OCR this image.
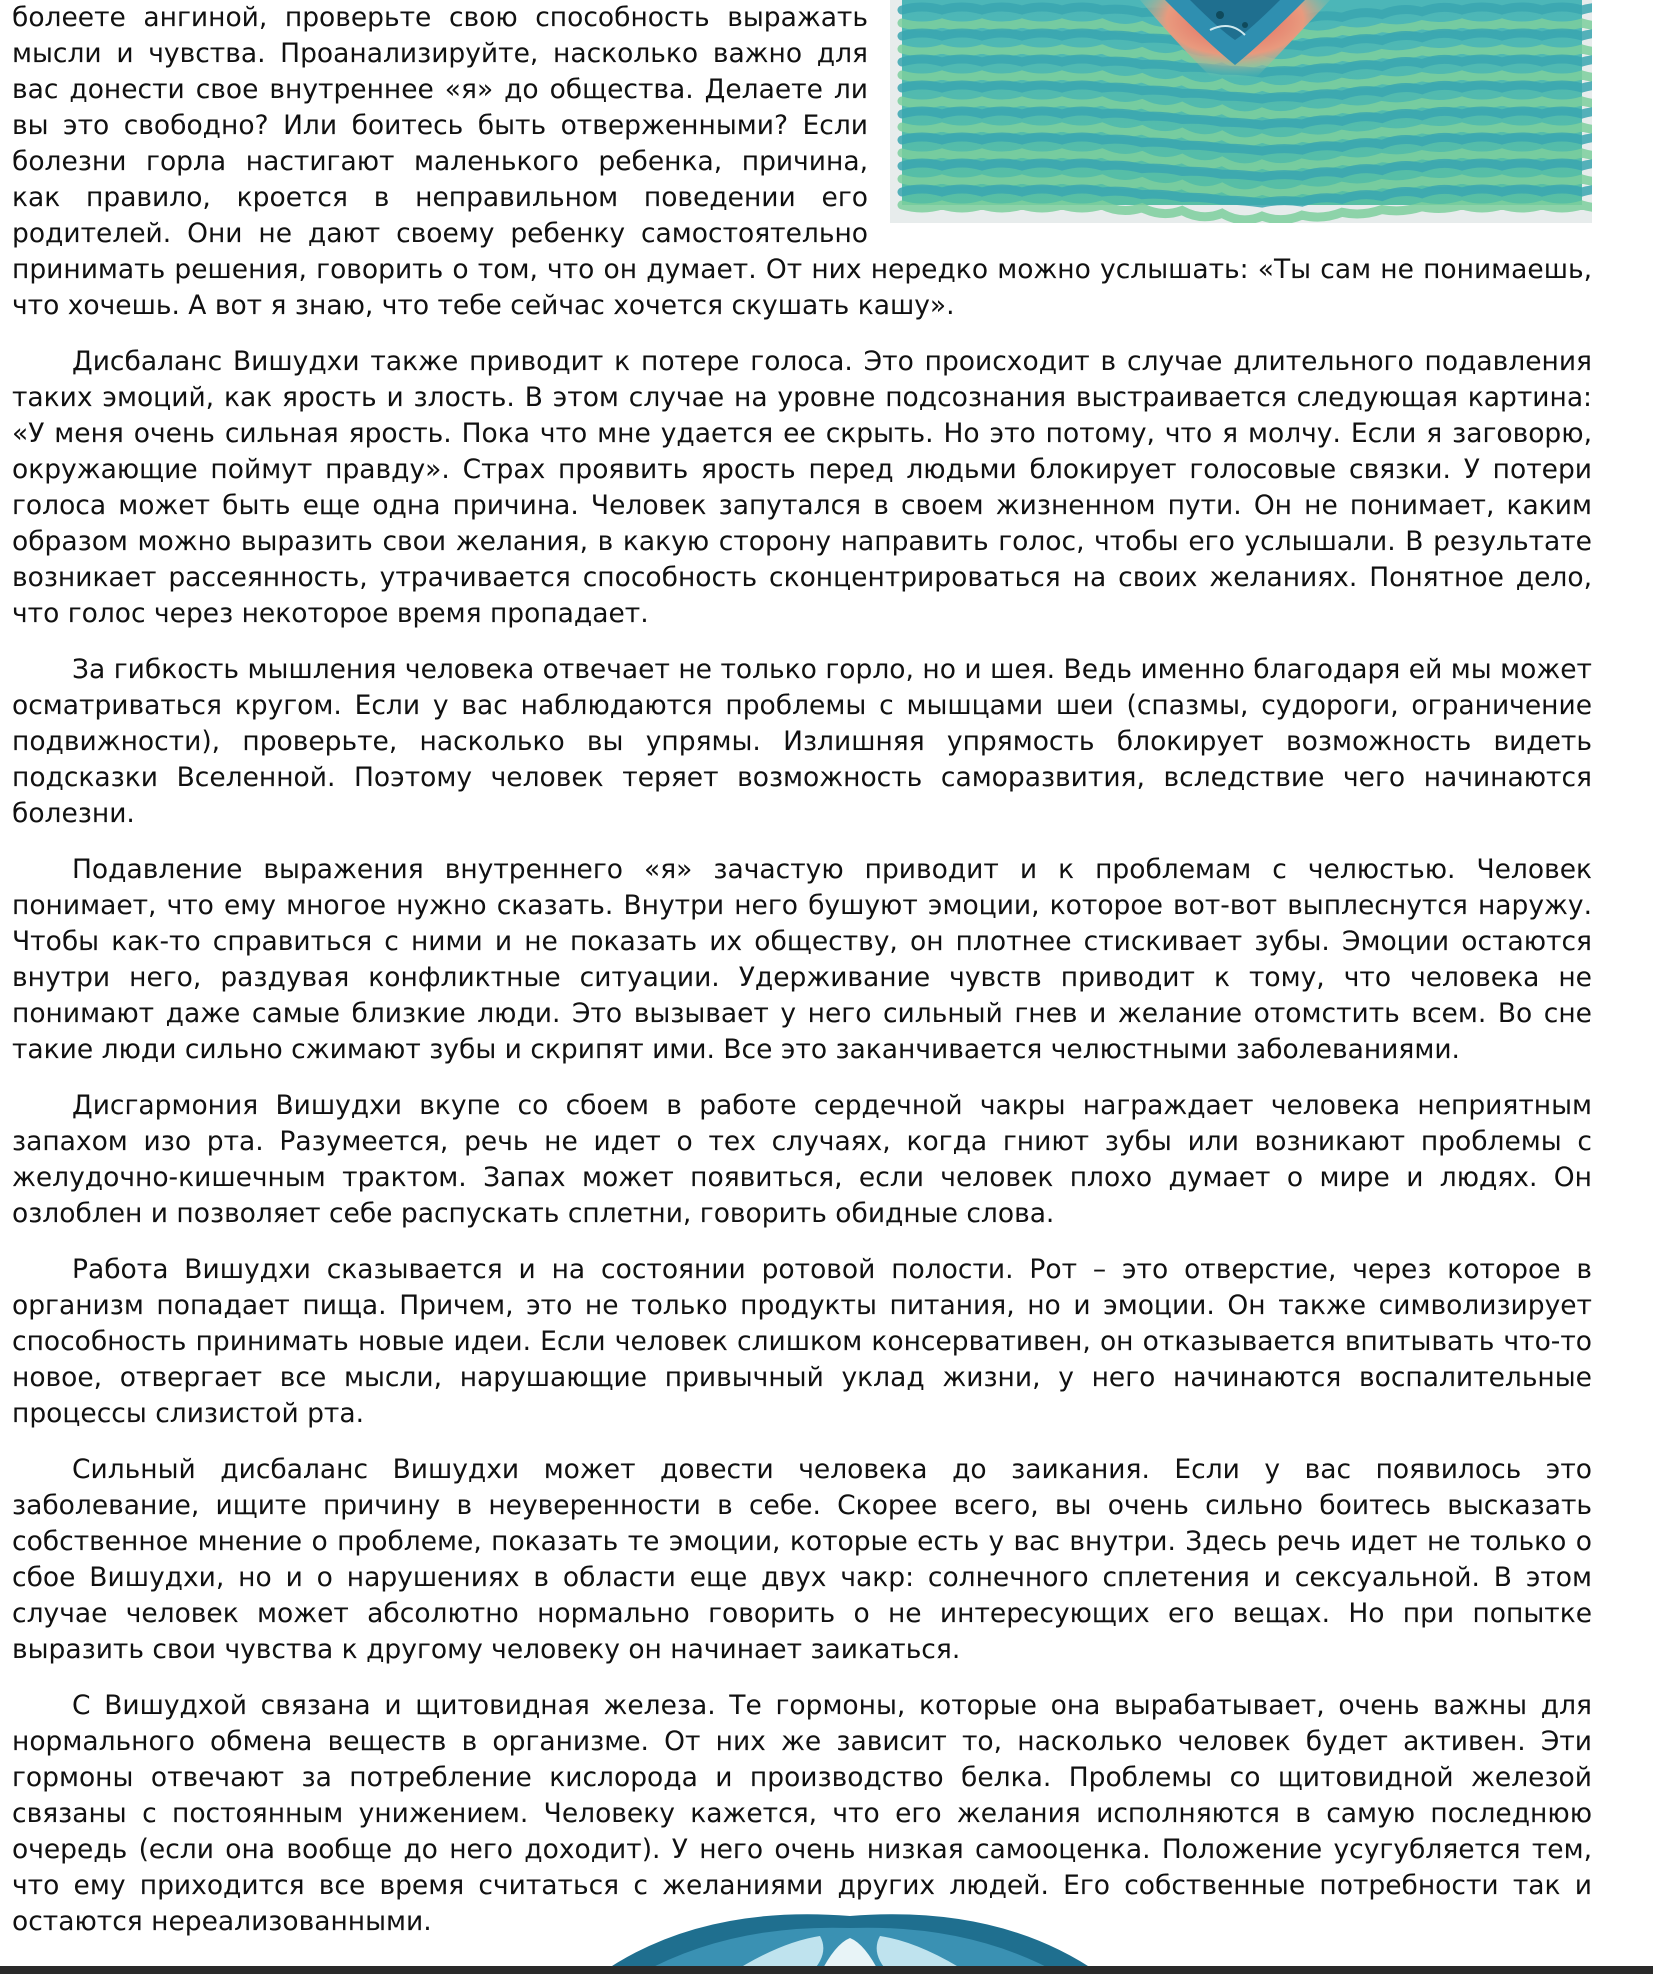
болеете ангиной, проверьте свою способность выражать мысли и чувства. Проанализируйте, насколько важно для вас донести свое внутреннее «я» до общества. Делаете ли вы это свободно? Или боитесь быть отверженными? Если болезни горла настигают маленького ребенка, причина, как правило, кроется в неправильном поведении его родителей. Они не дают своему ребенку самостоятельно принимать решения, говорить о том, что он думает. От них нередко можно услышать: «Ты сам не понимаешь, что хочешь. А вот я знаю, что тебе сейчас хочется скушать кашу».

Дисбаланс Вишудхи также приводит к потере голоса. Это происходит в случае длительного подавления таких эмоций, как ярость и злость. В этом случае на уровне подсознания выстраивается следующая картина: «У меня очень сильная ярость. Пока что мне удается ее скрыть. Но это потому, что я молчу. Если я заговорю, окружающие поймут правду». Страх проявить ярость перед людьми блокирует голосовые связки. У потери голоса может быть еще одна причина. Человек запутался в своем жизненном пути. Он не понимает, каким образом можно выразить свои желания, в какую сторону направить голос, чтобы его услышали. В результате возникает рассеянность, утрачивается способность сконцентрироваться на своих желаниях. Понятное дело, что голос через некоторое время пропадает.

За гибкость мышления человека отвечает не только горло, но и шея. Ведь именно благодаря ей мы может осматриваться кругом. Если у вас наблюдаются проблемы с мышцами шеи (спазмы, судороги, ограничение подвижности), проверьте, насколько вы упрямы. Излишняя упрямость блокирует возможность видеть подсказки Вселенной. Поэтому человек теряет возможность саморазвития, вследствие чего начинаются болезни.

Подавление выражения внутреннего «я» зачастую приводит и к проблемам с челюстью. Человек понимает, что ему многое нужно сказать. Внутри него бушуют эмоции, которое вот-вот выплеснутся наружу. Чтобы как-то справиться с ними и не показать их обществу, он плотнее стискивает зубы. Эмоции остаются внутри него, раздувая конфликтные ситуации. Удерживание чувств приводит к тому, что человека не понимают даже самые близкие люди. Это вызывает у него сильный гнев и желание отомстить всем. Во сне такие люди сильно сжимают зубы и скрипят ими. Все это заканчивается челюстными заболеваниями.

Дисгармония Вишудхи вкупе со сбоем в работе сердечной чакры награждает человека неприятным запахом изо рта. Разумеется, речь не идет о тех случаях, когда гниют зубы или возникают проблемы с желудочно-кишечным трактом. Запах может появиться, если человек плохо думает о мире и людях. Он озлоблен и позволяет себе распускать сплетни, говорить обидные слова.

Работа Вишудхи сказывается и на состоянии ротовой полости. Рот – это отверстие, через которое в организм попадает пища. Причем, это не только продукты питания, но и эмоции. Он также символизирует способность принимать новые идеи. Если человек слишком консервативен, он отказывается впитывать что-то новое, отвергает все мысли, нарушающие привычный уклад жизни, у него начинаются воспалительные процессы слизистой рта.

Сильный дисбаланс Вишудхи может довести человека до заикания. Если у вас появилось это заболевание, ищите причину в неуверенности в себе. Скорее всего, вы очень сильно боитесь высказать собственное мнение о проблеме, показать те эмоции, которые есть у вас внутри. Здесь речь идет не только о сбое Вишудхи, но и о нарушениях в области еще двух чакр: солнечного сплетения и сексуальной. В этом случае человек может абсолютно нормально говорить о не интересующих его вещах. Но при попытке выразить свои чувства к другому человеку он начинает заикаться.

С Вишудхой связана и щитовидная железа. Те гормоны, которые она вырабатывает, очень важны для нормального обмена веществ в организме. От них же зависит то, насколько человек будет активен. Эти гормоны отвечают за потребление кислорода и производство белка. Проблемы со щитовидной железой связаны с постоянным унижением. Человеку кажется, что его желания исполняются в самую последнюю очередь (если она вообще до него доходит). У него очень низкая самооценка. Положение усугубляется тем, что ему приходится все время считаться с желаниями других людей. Его собственные потребности так и остаются нереализованными.
